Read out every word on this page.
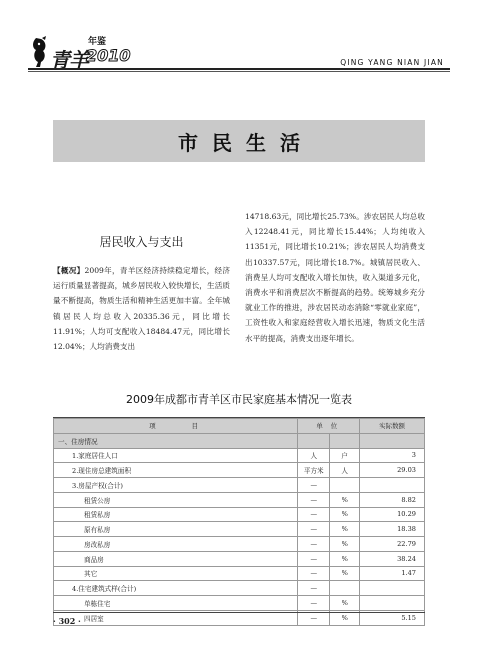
青羊
年鉴
2010	QING YANG NIAN JIAN
市民生活
居民收入与支出
【概况】2009年，青羊区经济持续稳定增长，经济运行质量显著提高，城乡居民收入较快增长，生活质量不断提高，物质生活和精神生活更加丰富。全年城镇居民人均总收入20335.36元，同比增长11.91%；人均可支配收入18484.47元，同比增长12.04%；人均消费支出
14718.63元，同比增长25.73%。涉农居民人均总收入12248.41元，同比增长15.44%；人均纯收入11351元，同比增长10.21%；涉农居民人均消费支出10337.57元，同比增长18.7%。城镇居民收入、消费呈人均可支配收入增长加快，收入渠道多元化，消费水平和消费层次不断提高的趋势。统筹城乡充分就业工作的推进，涉农居民动态消除“零就业家庭”，工资性收入和家庭经营收入增长迅速，物质文化生活水平的提高，消费支出逐年增长。
2009年成都市青羊区市民家庭基本情况一览表
项目	单位		实际数额
一、住房情况			
1.家庭居住人口	人	户	3
2.现住房总建筑面积	平方米	人	29.03
3.房屋产权(合计)	—		
租赁公房	—	%	8.82
租赁私房	—	%	10.29
原有私房	—	%	18.38
房改私房	—	%	22.79
商品房	—	%	38.24
其它	—	%	1.47
4.住宅建筑式样(合计)	—		
单栋住宅	—	%	
四居室	—	%	5.15
· 302 ·
